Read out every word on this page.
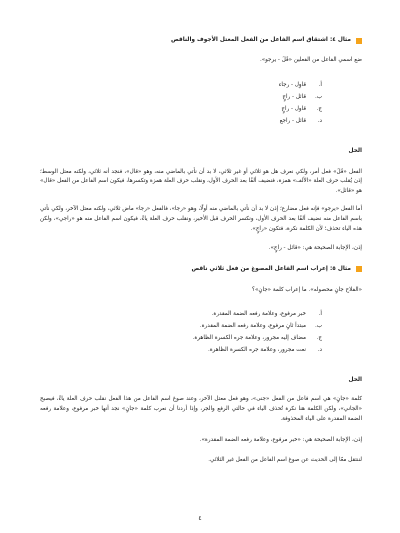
مثال ٤: اشتقاق اسم الفاعل من الفعل المعتل الأجوف والناقص

ضع اسمي الفاعل من الفعلين «قَلَ - يرجو».

أ.
قاوِل - رجاء
ب.
قائل - راجٍ
ج.
قاول - راجٍ
د.
قائل - راجع
الحل

الفعل «قَلَ» فعل أمر، ولكي نعرف هل هو ثلاثي أو غير ثلاثي، لا بد أن نأتي بالماضي منه، وهو «قال»، فنجد أنه ثلاثي، ولكنه معتل الوسط؛ إذن يُقلب حرف العلة «الألف» همزة، فنضيف ألفًا بعد الحرف الأول، ونقلب حرف العلة همزة وتكسرها، فيكون اسم الفاعل من الفعل «قال» هو «قائل».

أما الفعل «يرجو» فإنه فعل مضارع؛ إذن لا بد أن نأتي بالماضي منه أولًا، وهو «رجا»، فالفعل «رجا» ماض ثلاثي، ولكنه معتل الآخر، ولكي نأتي باسم الفاعل منه نضيف ألفًا بعد الحرف الأول، ونكسر الحرف قبل الأخير، ونقلب حرف العلة ياءً، فيكون اسم الفاعل منه هو «راجي»، ولكن هذه الياء تحذف؛ لأن الكلمة نكرة، فتكون «راجٍ».

إذن، الإجابة الصحيحة هي: «قائل - راجٍ».

مثال ٥: إعراب اسم الفاعل المصوغ من فعل ثلاثي ناقص

«الفلاح جانٍ محصوله». ما إعراب كلمة «جانٍ»؟

أ.
خبر مرفوع، وعلامة رفعه الضمة المقدرة.
ب.
مبتدأ ثانٍ مرفوع، وعلامة رفعه الضمة المقدرة.
ج.
مضاف إليه مجرور، وعلامة جره الكسرة الظاهرة.
د.
نعت مجرور، وعلامة جره الكسرة الظاهرة.
الحل

كلمة «جانٍ» هي اسم فاعل من الفعل «جنى»، وهو فعل معتل الآخر، وعند صوغ اسم الفاعل من هذا الفعل نقلب حرف العلة ياءً، فيصبح «الجاني»، ولكن الكلمة هنا نكرة تُحذف الياء في حالتي الرفع والجر، وإذا أردنا أن نعرب كلمة «جانٍ» نجد أنها خبر مرفوع، وعلامة رفعه الضمة المقدرة على الياء المحذوفة.

إذن، الإجابة الصحيحة هي: «خبر مرفوع، وعلامة رفعه الضمة المقدرة».

لننتقل معًا إلى الحديث عن صوغ اسم الفاعل من الفعل غير الثلاثي.

٤
